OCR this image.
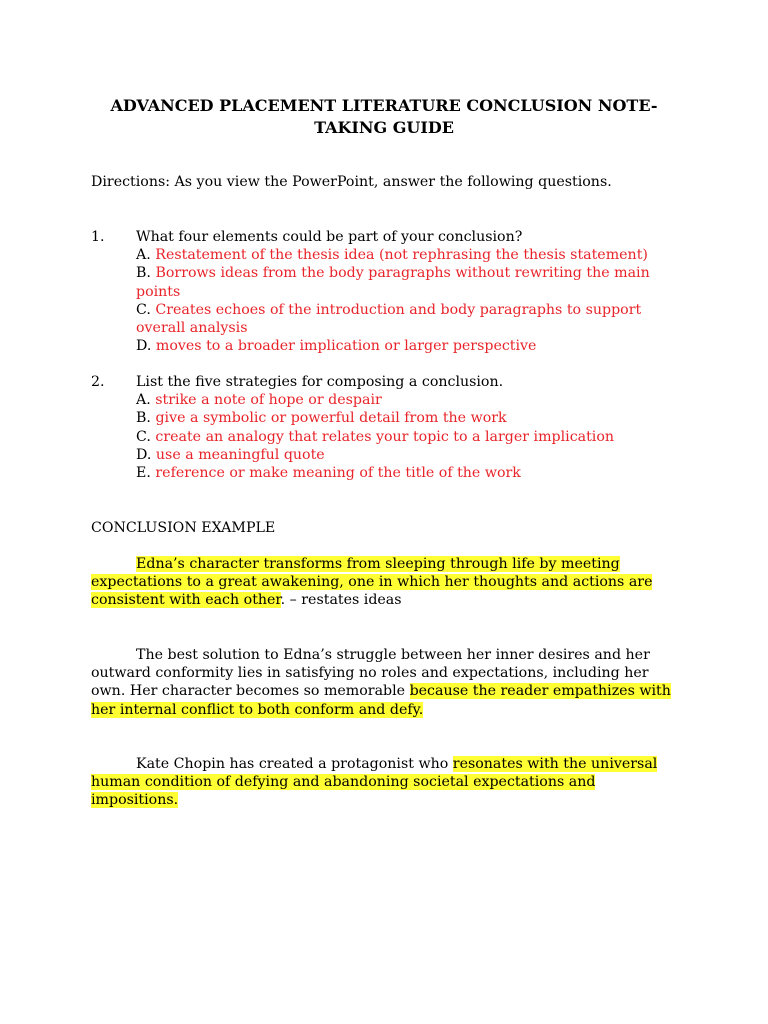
ADVANCED PLACEMENT LITERATURE CONCLUSION NOTE-
TAKING GUIDE
Directions: As you view the PowerPoint, answer the following questions.
1. What four elements could be part of your conclusion?
A. Restatement of the thesis idea (not rephrasing the thesis statement)
B. Borrows ideas from the body paragraphs without rewriting the main points
C. Creates echoes of the introduction and body paragraphs to support overall analysis
D. moves to a broader implication or larger perspective
2. List the five strategies for composing a conclusion.
A. strike a note of hope or despair
B. give a symbolic or powerful detail from the work
C. create an analogy that relates your topic to a larger implication
D. use a meaningful quote
E. reference or make meaning of the title of the work
CONCLUSION EXAMPLE
Edna’s character transforms from sleeping through life by meeting expectations to a great awakening, one in which her thoughts and actions are consistent with each other. – restates ideas
The best solution to Edna’s struggle between her inner desires and her outward conformity lies in satisfying no roles and expectations, including her own. Her character becomes so memorable because the reader empathizes with her internal conflict to both conform and defy.
Kate Chopin has created a protagonist who resonates with the universal human condition of defying and abandoning societal expectations and impositions.
